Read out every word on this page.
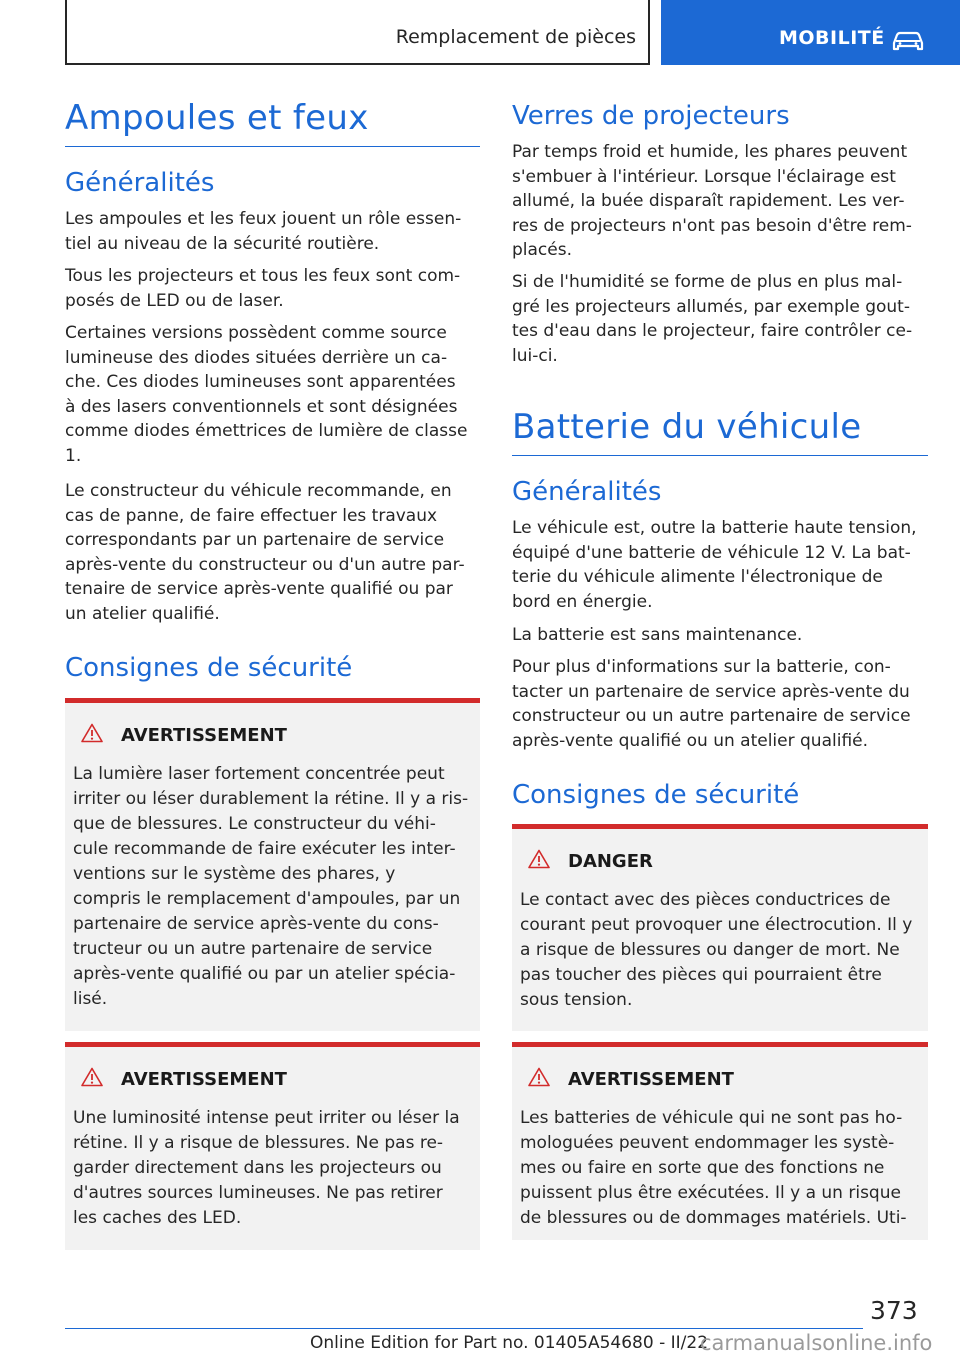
Remplacement de pièces	MOBILITÉ
Ampoules et feux
Généralités
Les ampoules et les feux jouent un rôle essen-
tiel au niveau de la sécurité routière.
Tous les projecteurs et tous les feux sont com-
posés de LED ou de laser.
Certaines versions possèdent comme source
lumineuse des diodes situées derrière un ca-
che. Ces diodes lumineuses sont apparentées
à des lasers conventionnels et sont désignées
comme diodes émettrices de lumière de classe
1.
Le constructeur du véhicule recommande, en
cas de panne, de faire effectuer les travaux
correspondants par un partenaire de service
après-vente du constructeur ou d'un autre par-
tenaire de service après-vente qualifié ou par
un atelier qualifié.
Consignes de sécurité
AVERTISSEMENT
La lumière laser fortement concentrée peut
irriter ou léser durablement la rétine. Il y a ris-
que de blessures. Le constructeur du véhi-
cule recommande de faire exécuter les inter-
ventions sur le système des phares, y
compris le remplacement d'ampoules, par un
partenaire de service après-vente du cons-
tructeur ou un autre partenaire de service
après-vente qualifié ou par un atelier spécia-
lisé.
AVERTISSEMENT
Une luminosité intense peut irriter ou léser la
rétine. Il y a risque de blessures. Ne pas re-
garder directement dans les projecteurs ou
d'autres sources lumineuses. Ne pas retirer
les caches des LED.
Verres de projecteurs
Par temps froid et humide, les phares peuvent
s'embuer à l'intérieur. Lorsque l'éclairage est
allumé, la buée disparaît rapidement. Les ver-
res de projecteurs n'ont pas besoin d'être rem-
placés.
Si de l'humidité se forme de plus en plus mal-
gré les projecteurs allumés, par exemple gout-
tes d'eau dans le projecteur, faire contrôler ce-
lui-ci.
Batterie du véhicule
Généralités
Le véhicule est, outre la batterie haute tension,
équipé d'une batterie de véhicule 12 V. La bat-
terie du véhicule alimente l'électronique de
bord en énergie.
La batterie est sans maintenance.
Pour plus d'informations sur la batterie, con-
tacter un partenaire de service après-vente du
constructeur ou un autre partenaire de service
après-vente qualifié ou un atelier qualifié.
Consignes de sécurité
DANGER
Le contact avec des pièces conductrices de
courant peut provoquer une électrocution. Il y
a risque de blessures ou danger de mort. Ne
pas toucher des pièces qui pourraient être
sous tension.
AVERTISSEMENT
Les batteries de véhicule qui ne sont pas ho-
mologuées peuvent endommager les systè-
mes ou faire en sorte que des fonctions ne
puissent plus être exécutées. Il y a un risque
de blessures ou de dommages matériels. Uti-
373
Online Edition for Part no. 01405A54680 - II/22
carmanualsonline.info
